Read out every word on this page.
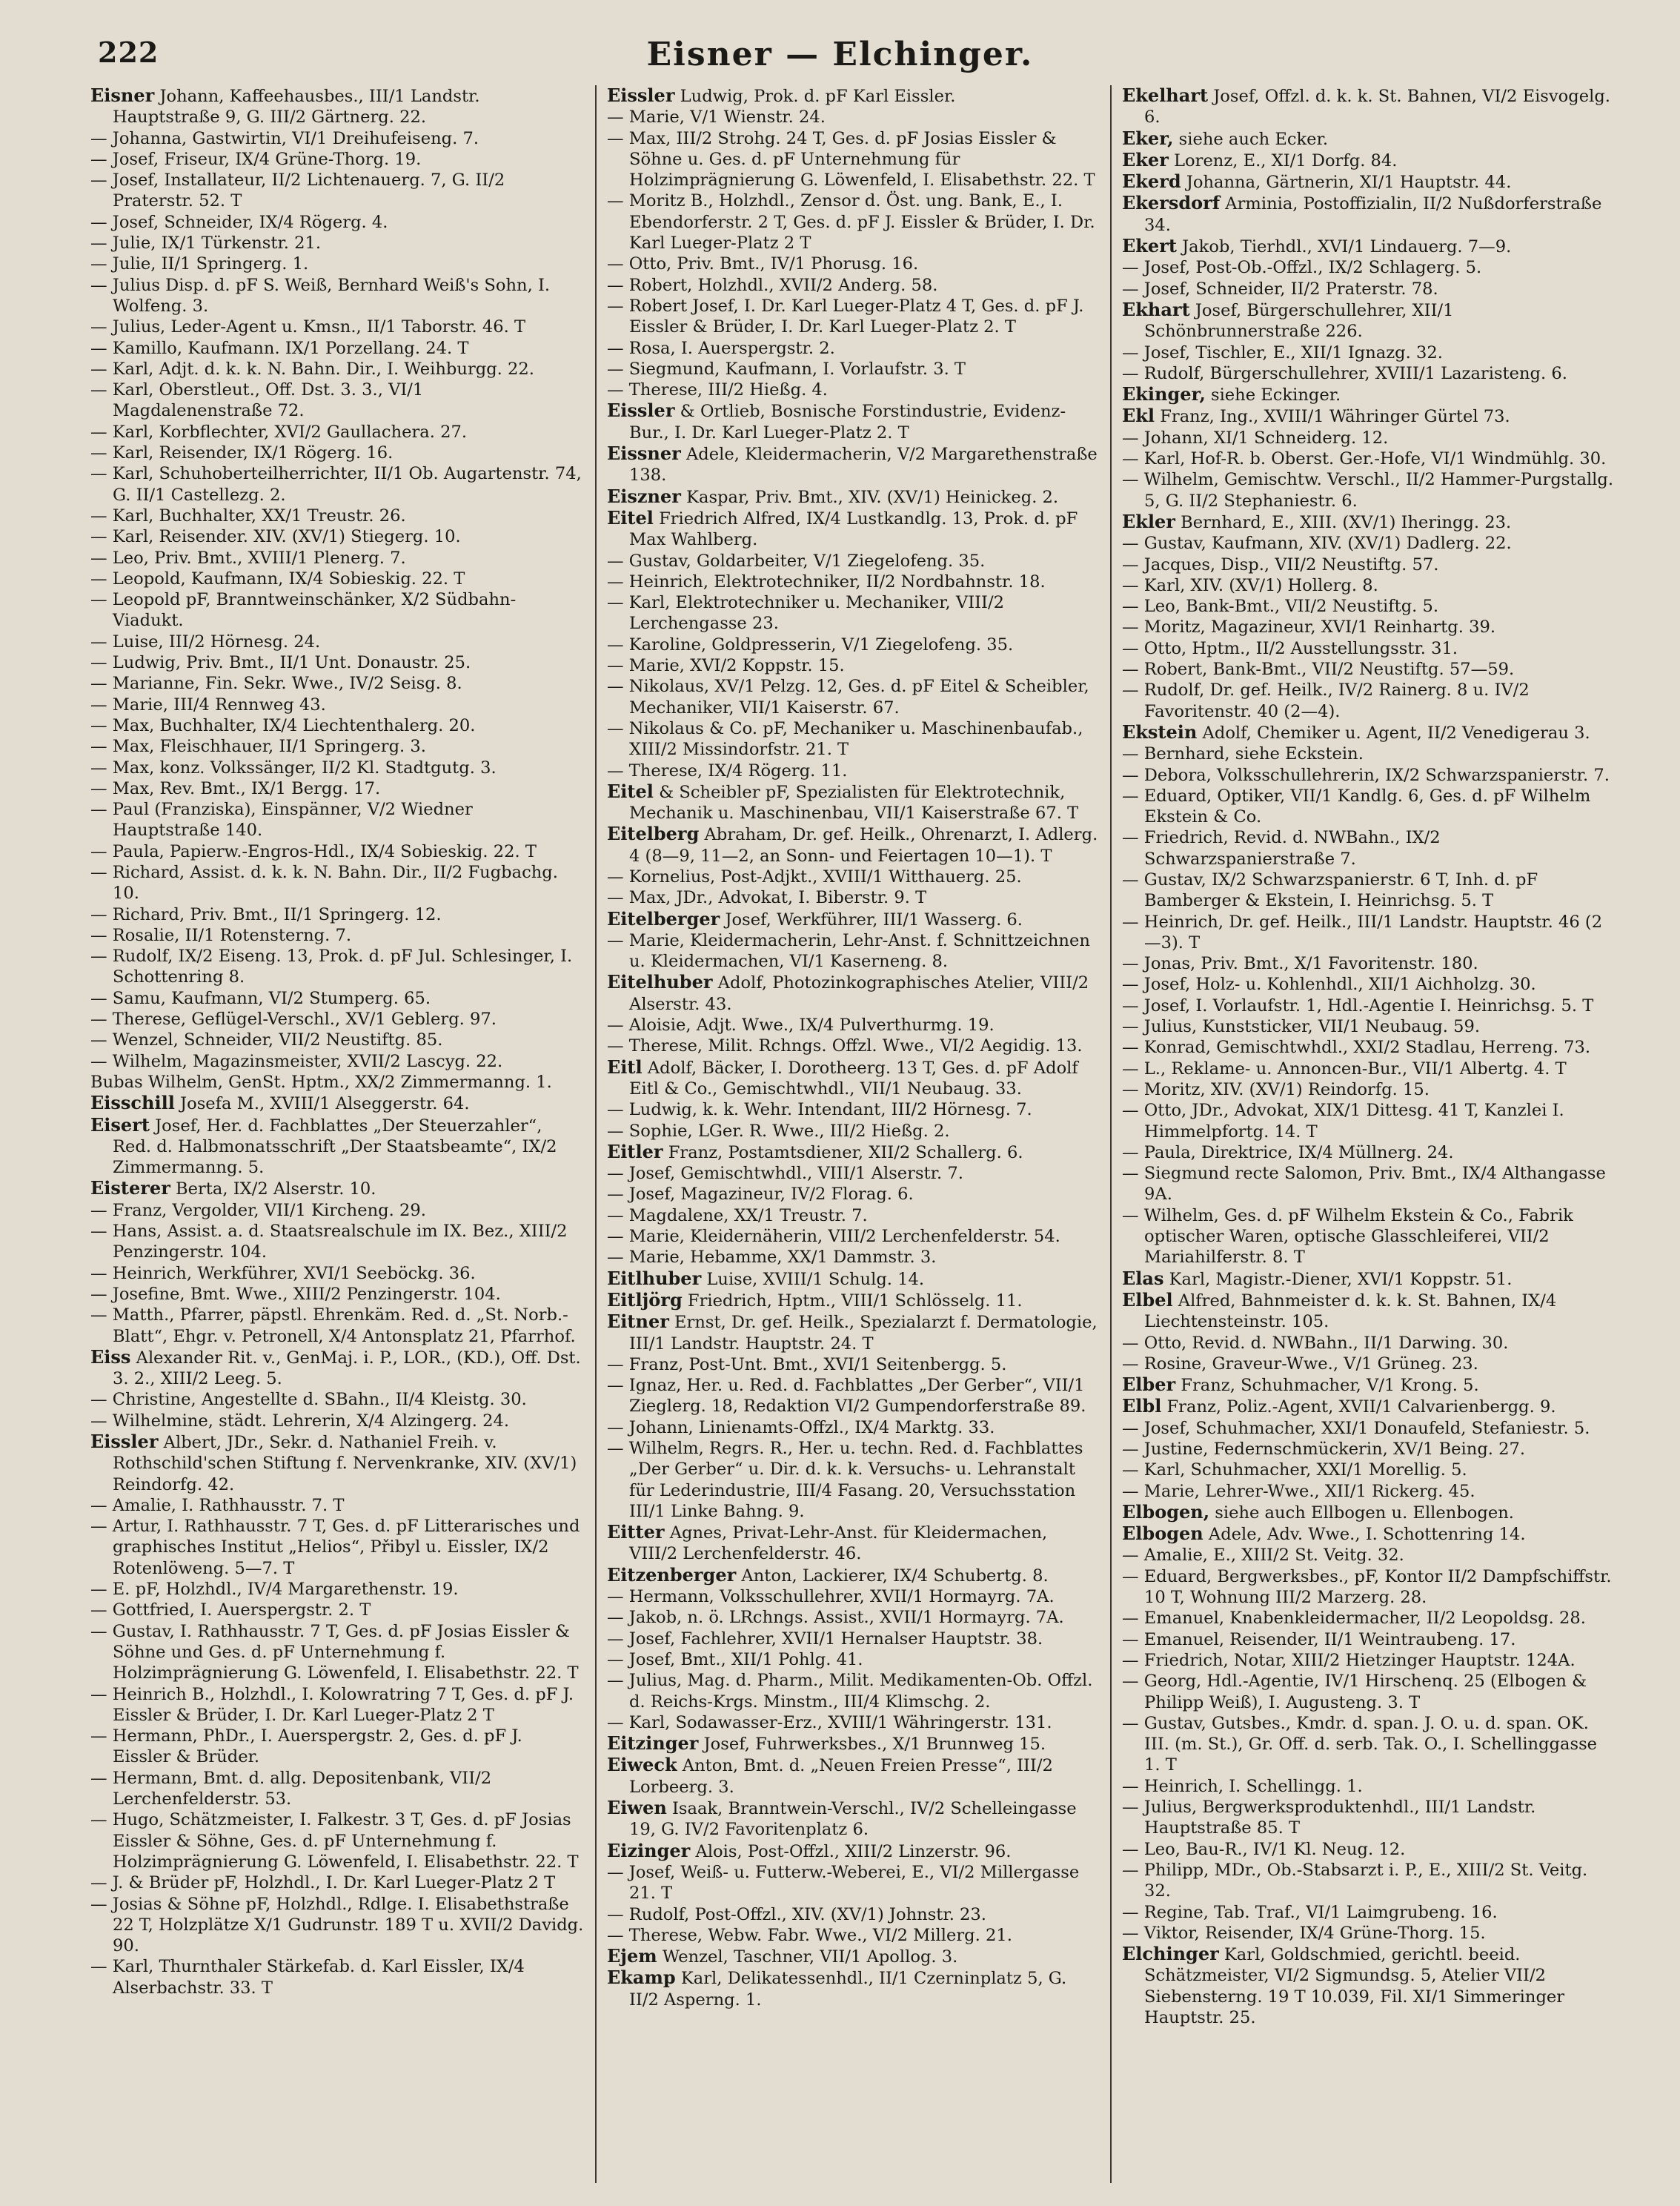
222	Eisner — Elchinger.

Eisner Johann, Kaffeehausbes., III/1 Landstr. Hauptstraße 9, G. III/2 Gärtnerg. 22.

— Johanna, Gastwirtin, VI/1 Dreihufeiseng. 7.

— Josef, Friseur, IX/4 Grüne-Thorg. 19.

— Josef, Installateur, II/2 Lichtenauerg. 7, G. II/2 Praterstr. 52. T

— Josef, Schneider, IX/4 Rögerg. 4.

— Julie, IX/1 Türkenstr. 21.

— Julie, II/1 Springerg. 1.

— Julius Disp. d. pF S. Weiß, Bernhard Weiß's Sohn, I. Wolfeng. 3.

— Julius, Leder-Agent u. Kmsn., II/1 Taborstr. 46. T

— Kamillo, Kaufmann. IX/1 Porzellang. 24. T

— Karl, Adjt. d. k. k. N. Bahn. Dir., I. Weihburgg. 22.

— Karl, Oberstleut., Off. Dst. 3. 3., VI/1 Magdalenenstraße 72.

— Karl, Korbflechter, XVI/2 Gaullachera. 27.

— Karl, Reisender, IX/1 Rögerg. 16.

— Karl, Schuhoberteilherrichter, II/1 Ob. Augartenstr. 74, G. II/1 Castellezg. 2.

— Karl, Buchhalter, XX/1 Treustr. 26.

— Karl, Reisender. XIV. (XV/1) Stiegerg. 10.

— Leo, Priv. Bmt., XVIII/1 Plenerg. 7.

— Leopold, Kaufmann, IX/4 Sobieskig. 22. T

— Leopold pF, Branntweinschänker, X/2 Südbahn-Viadukt.

— Luise, III/2 Hörnesg. 24.

— Ludwig, Priv. Bmt., II/1 Unt. Donaustr. 25.

— Marianne, Fin. Sekr. Wwe., IV/2 Seisg. 8.

— Marie, III/4 Rennweg 43.

— Max, Buchhalter, IX/4 Liechtenthalerg. 20.

— Max, Fleischhauer, II/1 Springerg. 3.

— Max, konz. Volkssänger, II/2 Kl. Stadtgutg. 3.

— Max, Rev. Bmt., IX/1 Bergg. 17.

— Paul (Franziska), Einspänner, V/2 Wiedner Hauptstraße 140.

— Paula, Papierw.-Engros-Hdl., IX/4 Sobieskig. 22. T

— Richard, Assist. d. k. k. N. Bahn. Dir., II/2 Fugbachg. 10.

— Richard, Priv. Bmt., II/1 Springerg. 12.

— Rosalie, II/1 Rotensterng. 7.

— Rudolf, IX/2 Eiseng. 13, Prok. d. pF Jul. Schlesinger, I. Schottenring 8.

— Samu, Kaufmann, VI/2 Stumperg. 65.

— Therese, Geflügel-Verschl., XV/1 Geblerg. 97.

— Wenzel, Schneider, VII/2 Neustiftg. 85.

— Wilhelm, Magazinsmeister, XVII/2 Lascyg. 22.

Bubas Wilhelm, GenSt. Hptm., XX/2 Zimmermanng. 1.

Eisschill Josefa M., XVIII/1 Alseggerstr. 64.

Eisert Josef, Her. d. Fachblattes „Der Steuerzahler“, Red. d. Halbmonatsschrift „Der Staatsbeamte“, IX/2 Zimmermanng. 5.

Eisterer Berta, IX/2 Alserstr. 10.

— Franz, Vergolder, VII/1 Kircheng. 29.

— Hans, Assist. a. d. Staatsrealschule im IX. Bez., XIII/2 Penzingerstr. 104.

— Heinrich, Werkführer, XVI/1 Seeböckg. 36.

— Josefine, Bmt. Wwe., XIII/2 Penzingerstr. 104.

— Matth., Pfarrer, päpstl. Ehrenkäm. Red. d. „St. Norb.-Blatt“, Ehgr. v. Petronell, X/4 Antonsplatz 21, Pfarrhof.

Eiss Alexander Rit. v., GenMaj. i. P., LOR., (KD.), Off. Dst. 3. 2., XIII/2 Leeg. 5.

— Christine, Angestellte d. SBahn., II/4 Kleistg. 30.

— Wilhelmine, städt. Lehrerin, X/4 Alzingerg. 24.

Eissler Albert, JDr., Sekr. d. Nathaniel Freih. v. Rothschild'schen Stiftung f. Nervenkranke, XIV. (XV/1) Reindorfg. 42.

— Amalie, I. Rathhausstr. 7. T

— Artur, I. Rathhausstr. 7 T, Ges. d. pF Litterarisches und graphisches Institut „Helios“, Přibyl u. Eissler, IX/2 Rotenlöweng. 5—7. T

— E. pF, Holzhdl., IV/4 Margarethenstr. 19.

— Gottfried, I. Auerspergstr. 2. T

— Gustav, I. Rathhausstr. 7 T, Ges. d. pF Josias Eissler & Söhne und Ges. d. pF Unternehmung f. Holzimprägnierung G. Löwenfeld, I. Elisabethstr. 22. T

— Heinrich B., Holzhdl., I. Kolowratring 7 T, Ges. d. pF J. Eissler & Brüder, I. Dr. Karl Lueger-Platz 2 T

— Hermann, PhDr., I. Auerspergstr. 2, Ges. d. pF J. Eissler & Brüder.

— Hermann, Bmt. d. allg. Depositenbank, VII/2 Lerchenfelderstr. 53.

— Hugo, Schätzmeister, I. Falkestr. 3 T, Ges. d. pF Josias Eissler & Söhne, Ges. d. pF Unternehmung f. Holzimprägnierung G. Löwenfeld, I. Elisabethstr. 22. T

— J. & Brüder pF, Holzhdl., I. Dr. Karl Lueger-Platz 2 T

— Josias & Söhne pF, Holzhdl., Rdlge. I. Elisabethstraße 22 T, Holzplätze X/1 Gudrunstr. 189 T u. XVII/2 Davidg. 90.

— Karl, Thurnthaler Stärkefab. d. Karl Eissler, IX/4 Alserbachstr. 33. T

Eissler Ludwig, Prok. d. pF Karl Eissler.

— Marie, V/1 Wienstr. 24.

— Max, III/2 Strohg. 24 T, Ges. d. pF Josias Eissler & Söhne u. Ges. d. pF Unternehmung für Holzimprägnierung G. Löwenfeld, I. Elisabethstr. 22. T

— Moritz B., Holzhdl., Zensor d. Öst. ung. Bank, E., I. Ebendorferstr. 2 T, Ges. d. pF J. Eissler & Brüder, I. Dr. Karl Lueger-Platz 2 T

— Otto, Priv. Bmt., IV/1 Phorusg. 16.

— Robert, Holzhdl., XVII/2 Anderg. 58.

— Robert Josef, I. Dr. Karl Lueger-Platz 4 T, Ges. d. pF J. Eissler & Brüder, I. Dr. Karl Lueger-Platz 2. T

— Rosa, I. Auerspergstr. 2.

— Siegmund, Kaufmann, I. Vorlaufstr. 3. T

— Therese, III/2 Hießg. 4.

Eissler & Ortlieb, Bosnische Forstindustrie, Evidenz-Bur., I. Dr. Karl Lueger-Platz 2. T

Eissner Adele, Kleidermacherin, V/2 Margarethenstraße 138.

Eiszner Kaspar, Priv. Bmt., XIV. (XV/1) Heinickeg. 2.

Eitel Friedrich Alfred, IX/4 Lustkandlg. 13, Prok. d. pF Max Wahlberg.

— Gustav, Goldarbeiter, V/1 Ziegelofeng. 35.

— Heinrich, Elektrotechniker, II/2 Nordbahnstr. 18.

— Karl, Elektrotechniker u. Mechaniker, VIII/2 Lerchengasse 23.

— Karoline, Goldpresserin, V/1 Ziegelofeng. 35.

— Marie, XVI/2 Koppstr. 15.

— Nikolaus, XV/1 Pelzg. 12, Ges. d. pF Eitel & Scheibler, Mechaniker, VII/1 Kaiserstr. 67.

— Nikolaus & Co. pF, Mechaniker u. Maschinenbaufab., XIII/2 Missindorfstr. 21. T

— Therese, IX/4 Rögerg. 11.

Eitel & Scheibler pF, Spezialisten für Elektrotechnik, Mechanik u. Maschinenbau, VII/1 Kaiserstraße 67. T

Eitelberg Abraham, Dr. gef. Heilk., Ohrenarzt, I. Adlerg. 4 (8—9, 11—2, an Sonn- und Feiertagen 10—1). T

— Kornelius, Post-Adjkt., XVIII/1 Witthauerg. 25.

— Max, JDr., Advokat, I. Biberstr. 9. T

Eitelberger Josef, Werkführer, III/1 Wasserg. 6.

— Marie, Kleidermacherin, Lehr-Anst. f. Schnittzeichnen u. Kleidermachen, VI/1 Kaserneng. 8.

Eitelhuber Adolf, Photozinkographisches Atelier, VIII/2 Alserstr. 43.

— Aloisie, Adjt. Wwe., IX/4 Pulverthurmg. 19.

— Therese, Milit. Rchngs. Offzl. Wwe., VI/2 Aegidig. 13.

Eitl Adolf, Bäcker, I. Dorotheerg. 13 T, Ges. d. pF Adolf Eitl & Co., Gemischtwhdl., VII/1 Neubaug. 33.

— Ludwig, k. k. Wehr. Intendant, III/2 Hörnesg. 7.

— Sophie, LGer. R. Wwe., III/2 Hießg. 2.

Eitler Franz, Postamtsdiener, XII/2 Schallerg. 6.

— Josef, Gemischtwhdl., VIII/1 Alserstr. 7.

— Josef, Magazineur, IV/2 Florag. 6.

— Magdalene, XX/1 Treustr. 7.

— Marie, Kleidernäherin, VIII/2 Lerchenfelderstr. 54.

— Marie, Hebamme, XX/1 Dammstr. 3.

Eitlhuber Luise, XVIII/1 Schulg. 14.

Eitljörg Friedrich, Hptm., VIII/1 Schlösselg. 11.

Eitner Ernst, Dr. gef. Heilk., Spezialarzt f. Dermatologie, III/1 Landstr. Hauptstr. 24. T

— Franz, Post-Unt. Bmt., XVI/1 Seitenbergg. 5.

— Ignaz, Her. u. Red. d. Fachblattes „Der Gerber“, VII/1 Zieglerg. 18, Redaktion VI/2 Gumpendorferstraße 89.

— Johann, Linienamts-Offzl., IX/4 Marktg. 33.

— Wilhelm, Regrs. R., Her. u. techn. Red. d. Fachblattes „Der Gerber“ u. Dir. d. k. k. Versuchs- u. Lehranstalt für Lederindustrie, III/4 Fasang. 20, Versuchsstation III/1 Linke Bahng. 9.

Eitter Agnes, Privat-Lehr-Anst. für Kleidermachen, VIII/2 Lerchenfelderstr. 46.

Eitzenberger Anton, Lackierer, IX/4 Schubertg. 8.

— Hermann, Volksschullehrer, XVII/1 Hormayrg. 7A.

— Jakob, n. ö. LRchngs. Assist., XVII/1 Hormayrg. 7A.

— Josef, Fachlehrer, XVII/1 Hernalser Hauptstr. 38.

— Josef, Bmt., XII/1 Pohlg. 41.

— Julius, Mag. d. Pharm., Milit. Medikamenten-Ob. Offzl. d. Reichs-Krgs. Minstm., III/4 Klimschg. 2.

— Karl, Sodawasser-Erz., XVIII/1 Währingerstr. 131.

Eitzinger Josef, Fuhrwerksbes., X/1 Brunnweg 15.

Eiweck Anton, Bmt. d. „Neuen Freien Presse“, III/2 Lorbeerg. 3.

Eiwen Isaak, Branntwein-Verschl., IV/2 Schelleingasse 19, G. IV/2 Favoritenplatz 6.

Eizinger Alois, Post-Offzl., XIII/2 Linzerstr. 96.

— Josef, Weiß- u. Futterw.-Weberei, E., VI/2 Millergasse 21. T

— Rudolf, Post-Offzl., XIV. (XV/1) Johnstr. 23.

— Therese, Webw. Fabr. Wwe., VI/2 Millerg. 21.

Ejem Wenzel, Taschner, VII/1 Apollog. 3.

Ekamp Karl, Delikatessenhdl., II/1 Czerninplatz 5, G. II/2 Asperng. 1.

Ekelhart Josef, Offzl. d. k. k. St. Bahnen, VI/2 Eisvogelg. 6.

Eker, siehe auch Ecker.

Eker Lorenz, E., XI/1 Dorfg. 84.

Ekerd Johanna, Gärtnerin, XI/1 Hauptstr. 44.

Ekersdorf Arminia, Postoffizialin, II/2 Nußdorferstraße 34.

Ekert Jakob, Tierhdl., XVI/1 Lindauerg. 7—9.

— Josef, Post-Ob.-Offzl., IX/2 Schlagerg. 5.

— Josef, Schneider, II/2 Praterstr. 78.

Ekhart Josef, Bürgerschullehrer, XII/1 Schönbrunnerstraße 226.

— Josef, Tischler, E., XII/1 Ignazg. 32.

— Rudolf, Bürgerschullehrer, XVIII/1 Lazaristeng. 6.

Ekinger, siehe Eckinger.

Ekl Franz, Ing., XVIII/1 Währinger Gürtel 73.

— Johann, XI/1 Schneiderg. 12.

— Karl, Hof-R. b. Oberst. Ger.-Hofe, VI/1 Windmühlg. 30.

— Wilhelm, Gemischtw. Verschl., II/2 Hammer-Purgstallg. 5, G. II/2 Stephaniestr. 6.

Ekler Bernhard, E., XIII. (XV/1) Iheringg. 23.

— Gustav, Kaufmann, XIV. (XV/1) Dadlerg. 22.

— Jacques, Disp., VII/2 Neustiftg. 57.

— Karl, XIV. (XV/1) Hollerg. 8.

— Leo, Bank-Bmt., VII/2 Neustiftg. 5.

— Moritz, Magazineur, XVI/1 Reinhartg. 39.

— Otto, Hptm., II/2 Ausstellungsstr. 31.

— Robert, Bank-Bmt., VII/2 Neustiftg. 57—59.

— Rudolf, Dr. gef. Heilk., IV/2 Rainerg. 8 u. IV/2 Favoritenstr. 40 (2—4).

Ekstein Adolf, Chemiker u. Agent, II/2 Venedigerau 3.

— Bernhard, siehe Eckstein.

— Debora, Volksschullehrerin, IX/2 Schwarzspanierstr. 7.

— Eduard, Optiker, VII/1 Kandlg. 6, Ges. d. pF Wilhelm Ekstein & Co.

— Friedrich, Revid. d. NWBahn., IX/2 Schwarzspanierstraße 7.

— Gustav, IX/2 Schwarzspanierstr. 6 T, Inh. d. pF Bamberger & Ekstein, I. Heinrichsg. 5. T

— Heinrich, Dr. gef. Heilk., III/1 Landstr. Hauptstr. 46 (2—3). T

— Jonas, Priv. Bmt., X/1 Favoritenstr. 180.

— Josef, Holz- u. Kohlenhdl., XII/1 Aichholzg. 30.

— Josef, I. Vorlaufstr. 1, Hdl.-Agentie I. Heinrichsg. 5. T

— Julius, Kunststicker, VII/1 Neubaug. 59.

— Konrad, Gemischtwhdl., XXI/2 Stadlau, Herreng. 73.

— L., Reklame- u. Annoncen-Bur., VII/1 Albertg. 4. T

— Moritz, XIV. (XV/1) Reindorfg. 15.

— Otto, JDr., Advokat, XIX/1 Dittesg. 41 T, Kanzlei I. Himmelpfortg. 14. T

— Paula, Direktrice, IX/4 Müllnerg. 24.

— Siegmund recte Salomon, Priv. Bmt., IX/4 Althangasse 9A.

— Wilhelm, Ges. d. pF Wilhelm Ekstein & Co., Fabrik optischer Waren, optische Glasschleiferei, VII/2 Mariahilferstr. 8. T

Elas Karl, Magistr.-Diener, XVI/1 Koppstr. 51.

Elbel Alfred, Bahnmeister d. k. k. St. Bahnen, IX/4 Liechtensteinstr. 105.

— Otto, Revid. d. NWBahn., II/1 Darwing. 30.

— Rosine, Graveur-Wwe., V/1 Grüneg. 23.

Elber Franz, Schuhmacher, V/1 Krong. 5.

Elbl Franz, Poliz.-Agent, XVII/1 Calvarienbergg. 9.

— Josef, Schuhmacher, XXI/1 Donaufeld, Stefaniestr. 5.

— Justine, Federnschmückerin, XV/1 Being. 27.

— Karl, Schuhmacher, XXI/1 Morellig. 5.

— Marie, Lehrer-Wwe., XII/1 Rickerg. 45.

Elbogen, siehe auch Ellbogen u. Ellenbogen.

Elbogen Adele, Adv. Wwe., I. Schottenring 14.

— Amalie, E., XIII/2 St. Veitg. 32.

— Eduard, Bergwerksbes., pF, Kontor II/2 Dampfschiffstr. 10 T, Wohnung III/2 Marzerg. 28.

— Emanuel, Knabenkleidermacher, II/2 Leopoldsg. 28.

— Emanuel, Reisender, II/1 Weintraubeng. 17.

— Friedrich, Notar, XIII/2 Hietzinger Hauptstr. 124A.

— Georg, Hdl.-Agentie, IV/1 Hirschenq. 25 (Elbogen & Philipp Weiß), I. Augusteng. 3. T

— Gustav, Gutsbes., Kmdr. d. span. J. O. u. d. span. OK. III. (m. St.), Gr. Off. d. serb. Tak. O., I. Schellinggasse 1. T

— Heinrich, I. Schellingg. 1.

— Julius, Bergwerksproduktenhdl., III/1 Landstr. Hauptstraße 85. T

— Leo, Bau-R., IV/1 Kl. Neug. 12.

— Philipp, MDr., Ob.-Stabsarzt i. P., E., XIII/2 St. Veitg. 32.

— Regine, Tab. Traf., VI/1 Laimgrubeng. 16.

— Viktor, Reisender, IX/4 Grüne-Thorg. 15.

Elchinger Karl, Goldschmied, gerichtl. beeid. Schätzmeister, VI/2 Sigmundsg. 5, Atelier VII/2 Siebensterng. 19 T 10.039, Fil. XI/1 Simmeringer Hauptstr. 25.
